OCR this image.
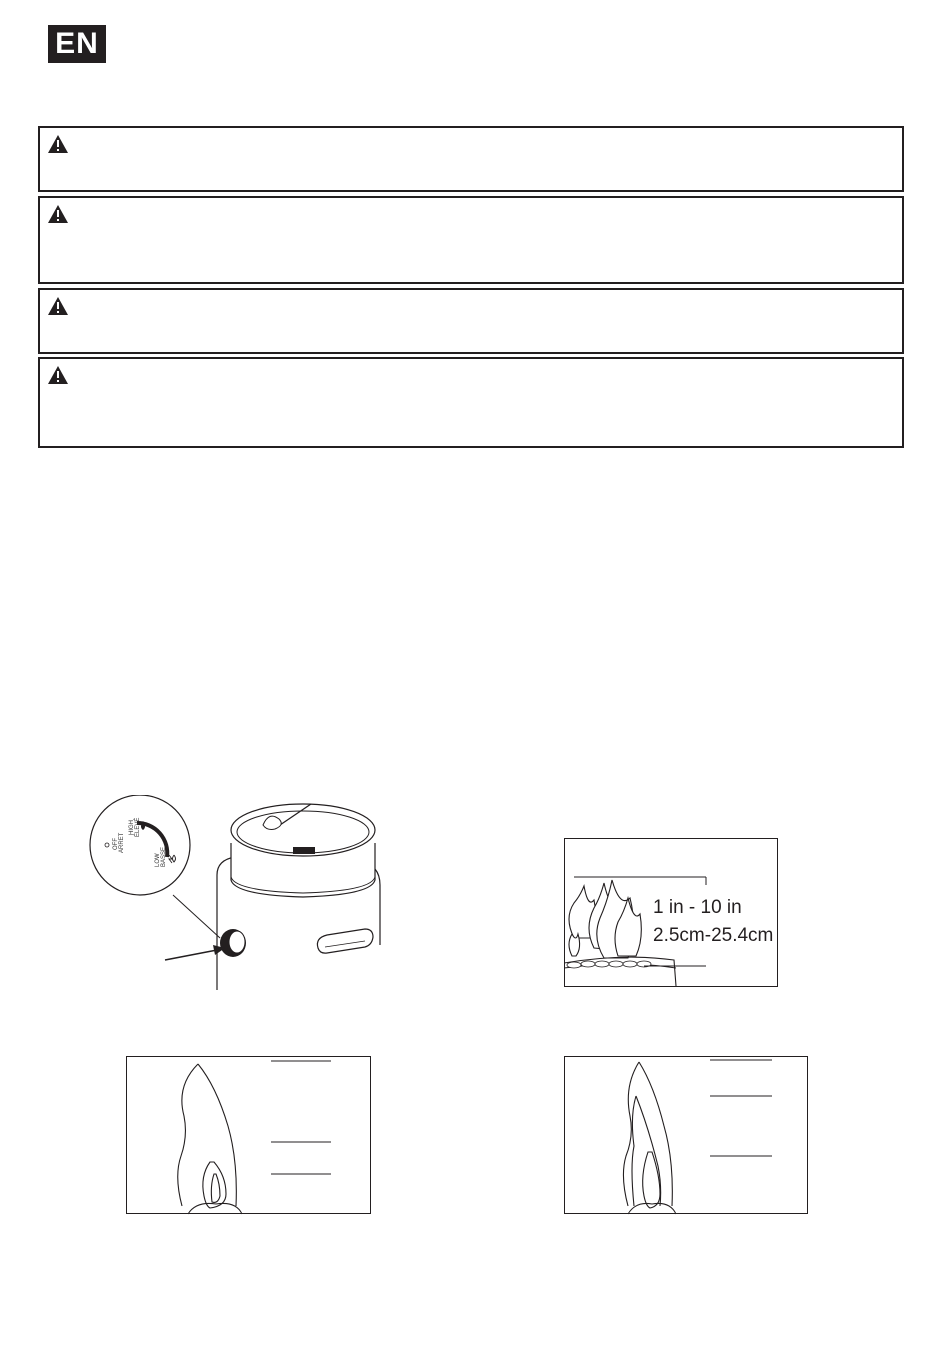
EN
OFF ARRET
HIGH ÉLEVÉ
LOW BASSE
1 in - 10 in
2.5cm-25.4cm
